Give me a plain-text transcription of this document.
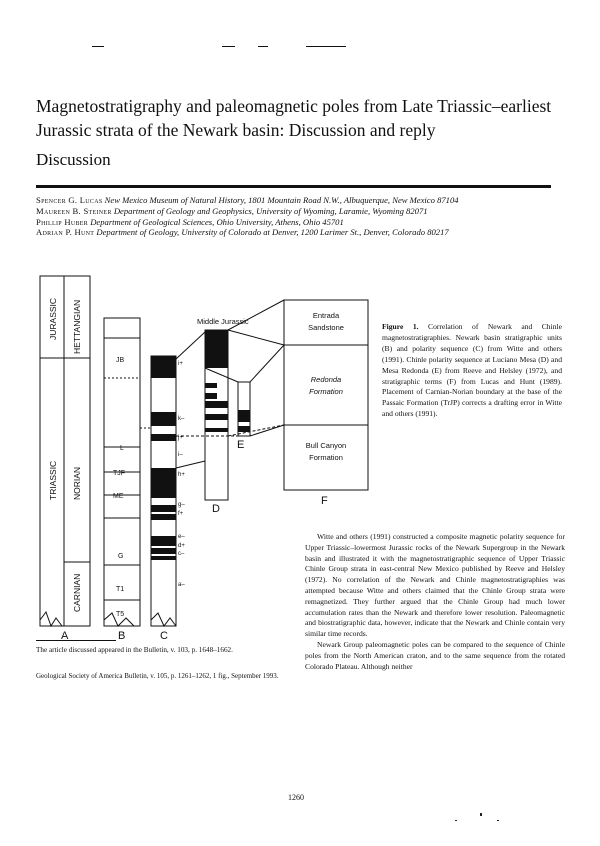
Magnetostratigraphy and paleomagnetic poles from Late Triassic–earliest Jurassic strata of the Newark basin: Discussion and reply
Discussion
Spencer G. Lucas New Mexico Museum of Natural History, 1801 Mountain Road N.W., Albuquerque, New Mexico 87104
Maureen B. Steiner Department of Geology and Geophysics, University of Wyoming, Laramie, Wyoming 82071
Phillip Huber Department of Geological Sciences, Ohio University, Athens, Ohio 45701
Adrian P. Hunt Department of Geology, University of Colorado at Denver, 1200 Larimer St., Denver, Colorado 80217
JURASSIC HETTANGIAN
TRIASSIC NORIAN
CARNIAN
JB
L
TJF
ME
G
T1
T5
i+
k–
j+
i–
h+
g–
f+
e–
d+
c–
a–
A	B	C
D
E
F
Middle Jurassic
Entrada
Sandstone
Redonda
Formation
Bull Canyon
Formation
Figure 1. Correlation of Newark and Chinle magnetostratigraphies. Newark basin stratigraphic units (B) and polarity sequence (C) from Witte and others (1991). Chinle polarity sequence at Luciano Mesa (D) and Mesa Redonda (E) from Reeve and Helsley (1972), and stratigraphic terms (F) from Lucas and Hunt (1989). Placement of Carnian-Norian boundary at the base of the Passaic Formation (TrJP) corrects a drafting error in Witte and others (1991).

Witte and others (1991) constructed a composite magnetic polarity sequence for Upper Triassic–lowermost Jurassic rocks of the Newark Supergroup in the Newark basin and illustrated it with the magnetostratigraphic sequence of Upper Triassic Chinle Group strata in east-central New Mexico published by Reeve and Helsley (1972). No correlation of the Newark and Chinle magnetostratigraphies was attempted because Witte and others claimed that the Chinle Group strata were remagnetized. They further argued that the Chinle Group had much lower accumulation rates than the Newark and therefore lower resolution. Paleomagnetic and biostratigraphic data, however, indicate that the Newark and Chinle contain very similar time records.

Newark Group paleomagnetic poles can be compared to the sequence of Chinle poles from the North American craton, and to the same sequence from the rotated Colorado Plateau. Although neither

The article discussed appeared in the Bulletin, v. 103, p. 1648–1662.
Geological Society of America Bulletin, v. 105, p. 1261–1262, 1 fig., September 1993.
1260
